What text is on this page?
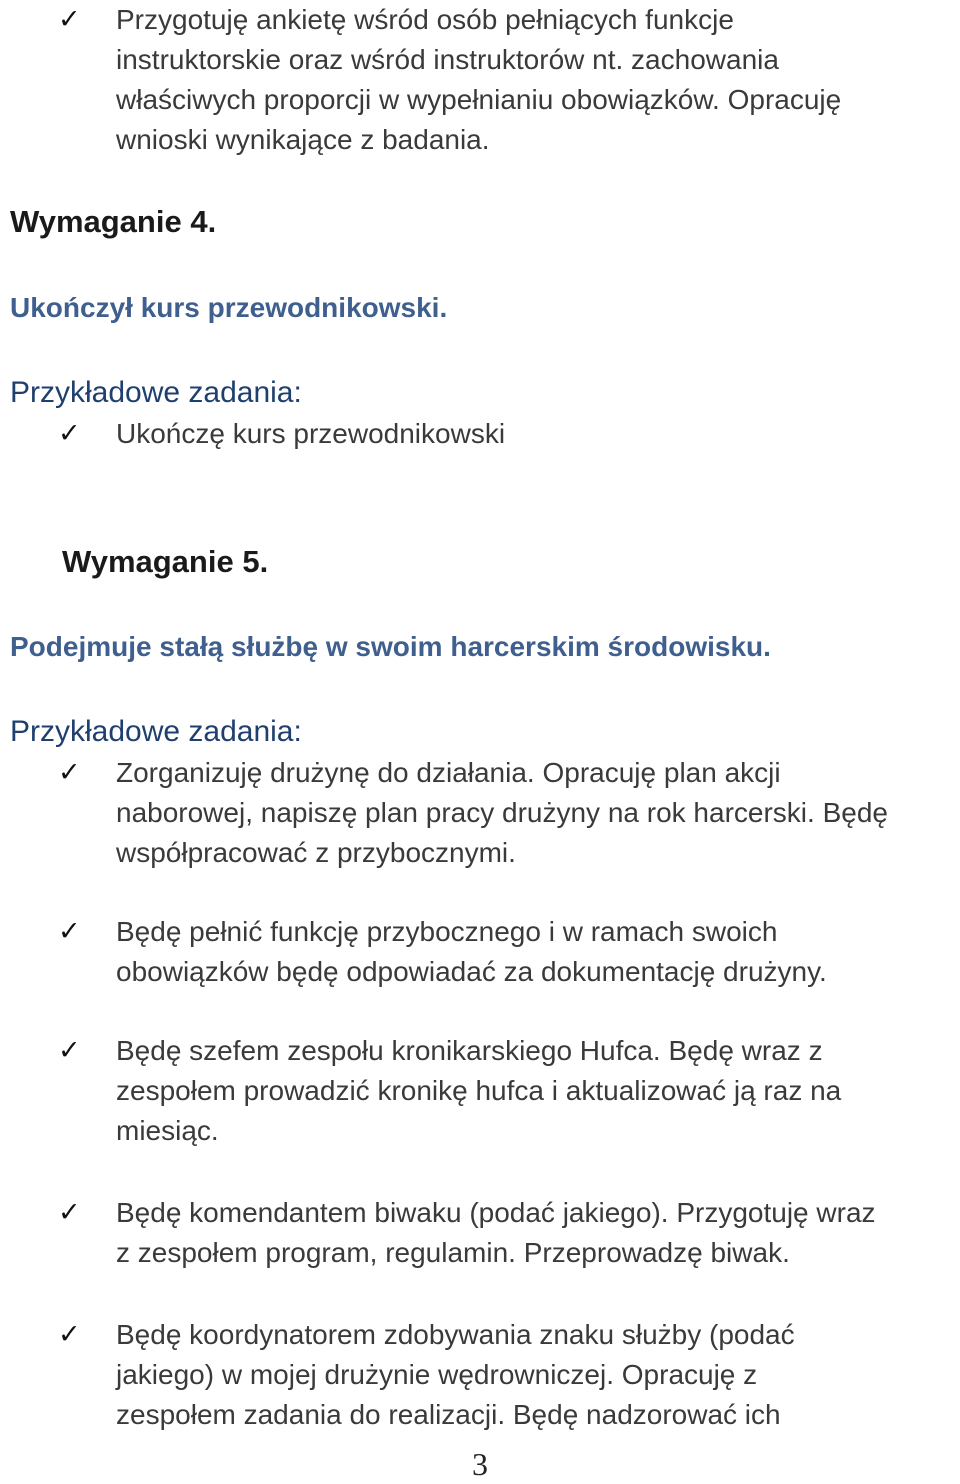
✓ Przygotuję ankietę wśród osób pełniących funkcje
instruktorskie oraz wśród instruktorów nt. zachowania
właściwych proporcji w wypełnianiu obowiązków. Opracuję
wnioski wynikające z badania.
Wymaganie 4.
Ukończył kurs przewodnikowski.
Przykładowe zadania:
✓ Ukończę kurs przewodnikowski
Wymaganie 5.
Podejmuje stałą służbę w swoim harcerskim środowisku.
Przykładowe zadania:
✓ Zorganizuję drużynę do działania. Opracuję plan akcji
naborowej, napiszę plan pracy drużyny na rok harcerski. Będę
współpracować z przybocznymi.
✓ Będę pełnić funkcję przybocznego i w ramach swoich
obowiązków będę odpowiadać za dokumentację drużyny.
✓ Będę szefem zespołu kronikarskiego Hufca. Będę wraz z
zespołem prowadzić kronikę hufca i aktualizować ją raz na
miesiąc.
✓ Będę komendantem biwaku (podać jakiego). Przygotuję wraz
z zespołem program, regulamin. Przeprowadzę biwak.
✓ Będę koordynatorem zdobywania znaku służby (podać
jakiego) w mojej drużynie wędrowniczej. Opracuję z
zespołem zadania do realizacji. Będę nadzorować ich
3
